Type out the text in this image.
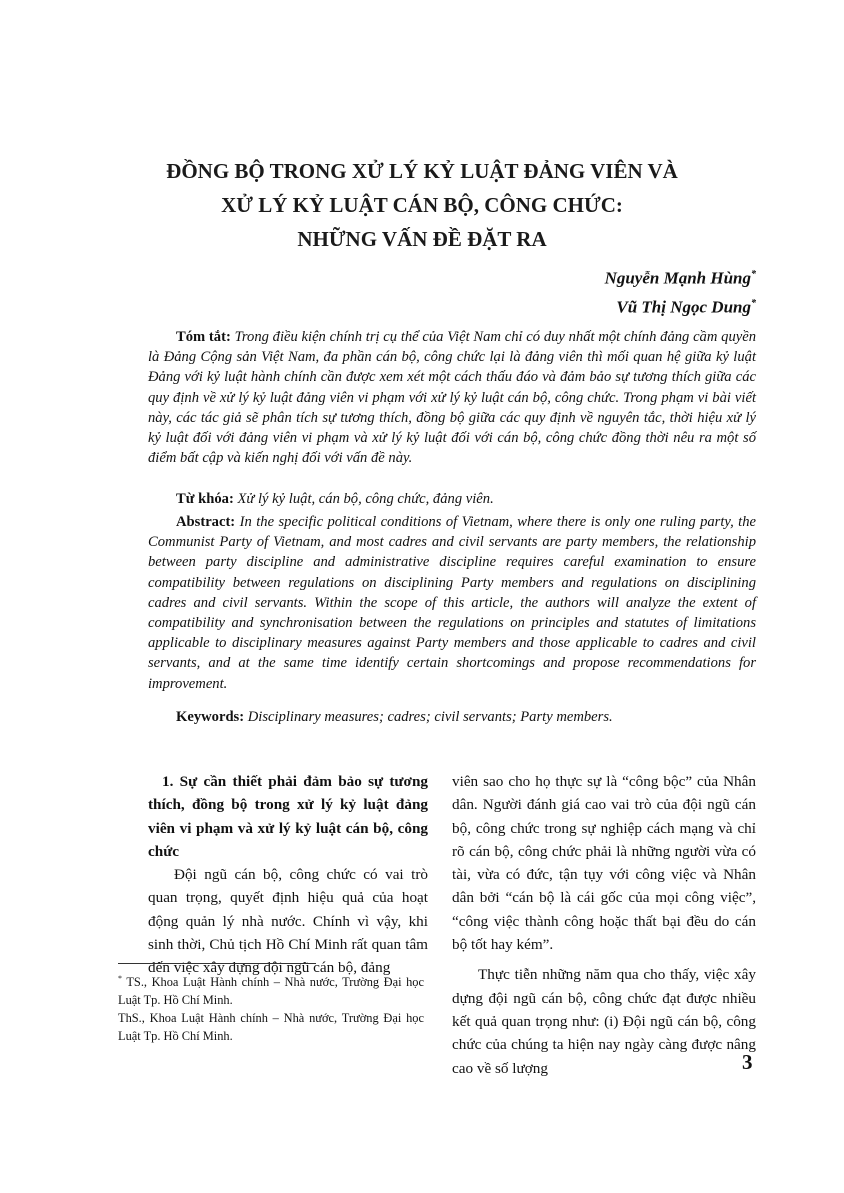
ĐỒNG BỘ TRONG XỬ LÝ KỶ LUẬT ĐẢNG VIÊN VÀ
XỬ LÝ KỶ LUẬT CÁN BỘ, CÔNG CHỨC:
NHỮNG VẤN ĐỀ ĐẶT RA
Nguyễn Mạnh Hùng*
Vũ Thị Ngọc Dung*

Tóm tắt: Trong điều kiện chính trị cụ thể của Việt Nam chỉ có duy nhất một chính đảng cầm quyền là Đảng Cộng sản Việt Nam, đa phần cán bộ, công chức lại là đảng viên thì mối quan hệ giữa kỷ luật Đảng với kỷ luật hành chính cần được xem xét một cách thấu đáo và đảm bảo sự tương thích giữa các quy định về xử lý kỷ luật đảng viên vi phạm với xử lý kỷ luật cán bộ, công chức. Trong phạm vi bài viết này, các tác giả sẽ phân tích sự tương thích, đồng bộ giữa các quy định về nguyên tắc, thời hiệu xử lý kỷ luật đối với đảng viên vi phạm và xử lý kỷ luật đối với cán bộ, công chức đồng thời nêu ra một số điểm bất cập và kiến nghị đối với vấn đề này.

Từ khóa: Xử lý kỷ luật, cán bộ, công chức, đảng viên.

Abstract: In the specific political conditions of Vietnam, where there is only one ruling party, the Communist Party of Vietnam, and most cadres and civil servants are party members, the relationship between party discipline and administrative discipline requires careful examination to ensure compatibility between regulations on disciplining Party members and regulations on disciplining cadres and civil servants. Within the scope of this article, the authors will analyze the extent of compatibility and synchronisation between the regulations on principles and statutes of limitations applicable to disciplinary measures against Party members and those applicable to cadres and civil servants, and at the same time identify certain shortcomings and propose recommendations for improvement.

Keywords: Disciplinary measures; cadres; civil servants; Party members.

1. Sự cần thiết phải đảm bảo sự tương thích, đồng bộ trong xử lý kỷ luật đảng viên vi phạm và xử lý kỷ luật cán bộ, công chức

Đội ngũ cán bộ, công chức có vai trò quan trọng, quyết định hiệu quả của hoạt động quản lý nhà nước. Chính vì vậy, khi sinh thời, Chủ tịch Hồ Chí Minh rất quan tâm đến việc xây dựng đội ngũ cán bộ, đảng

viên sao cho họ thực sự là “công bộc” của Nhân dân. Người đánh giá cao vai trò của đội ngũ cán bộ, công chức trong sự nghiệp cách mạng và chỉ rõ cán bộ, công chức phải là những người vừa có tài, vừa có đức, tận tụy với công việc và Nhân dân bởi “cán bộ là cái gốc của mọi công việc”, “công việc thành công hoặc thất bại đều do cán bộ tốt hay kém”.

Thực tiễn những năm qua cho thấy, việc xây dựng đội ngũ cán bộ, công chức đạt được nhiều kết quả quan trọng như: (i) Đội ngũ cán bộ, công chức của chúng ta hiện nay ngày càng được nâng cao về số lượng

* TS., Khoa Luật Hành chính – Nhà nước, Trường Đại học Luật Tp. Hồ Chí Minh.

ThS., Khoa Luật Hành chính – Nhà nước, Trường Đại học Luật Tp. Hồ Chí Minh.

3
